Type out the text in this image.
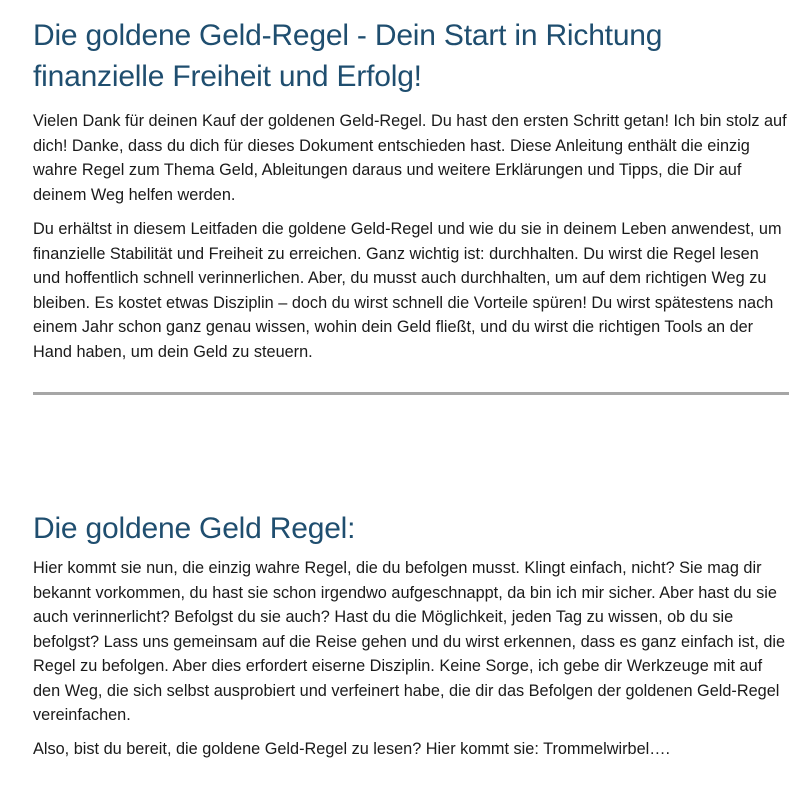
Die goldene Geld-Regel - Dein Start in Richtung finanzielle Freiheit und Erfolg!

Vielen Dank für deinen Kauf der goldenen Geld-Regel. Du hast den ersten Schritt getan! Ich bin stolz auf dich! Danke, dass du dich für dieses Dokument entschieden hast. Diese Anleitung enthält die einzig wahre Regel zum Thema Geld, Ableitungen daraus und weitere Erklärungen und Tipps, die Dir auf deinem Weg helfen werden.

Du erhältst in diesem Leitfaden die goldene Geld-Regel und wie du sie in deinem Leben anwendest, um finanzielle Stabilität und Freiheit zu erreichen. Ganz wichtig ist: durchhalten. Du wirst die Regel lesen und hoffentlich schnell verinnerlichen. Aber, du musst auch durchhalten, um auf dem richtigen Weg zu bleiben. Es kostet etwas Disziplin – doch du wirst schnell die Vorteile spüren! Du wirst spätestens nach einem Jahr schon ganz genau wissen, wohin dein Geld fließt, und du wirst die richtigen Tools an der Hand haben, um dein Geld zu steuern.

Die goldene Geld Regel:

Hier kommt sie nun, die einzig wahre Regel, die du befolgen musst. Klingt einfach, nicht? Sie mag dir bekannt vorkommen, du hast sie schon irgendwo aufgeschnappt, da bin ich mir sicher. Aber hast du sie auch verinnerlicht? Befolgst du sie auch? Hast du die Möglichkeit, jeden Tag zu wissen, ob du sie befolgst? Lass uns gemeinsam auf die Reise gehen und du wirst erkennen, dass es ganz einfach ist, die Regel zu befolgen. Aber dies erfordert eiserne Disziplin. Keine Sorge, ich gebe dir Werkzeuge mit auf den Weg, die sich selbst ausprobiert und verfeinert habe, die dir das Befolgen der goldenen Geld-Regel vereinfachen.

Also, bist du bereit, die goldene Geld-Regel zu lesen? Hier kommt sie: Trommelwirbel….
